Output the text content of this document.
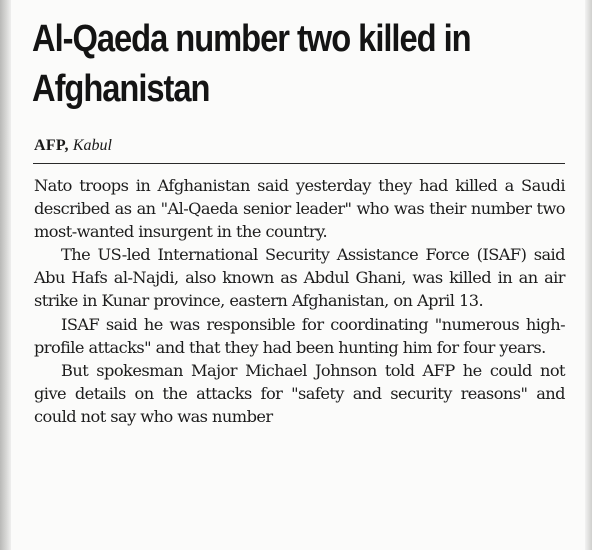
Al-Qaeda number two killed in Afghanistan
AFP, Kabul

Nato troops in Afghanistan said yesterday they had killed a Saudi described as an "Al-Qaeda senior leader" who was their number two most-wanted insurgent in the country.

The US-led International Security Assistance Force (ISAF) said Abu Hafs al-Najdi, also known as Abdul Ghani, was killed in an air strike in Kunar province, eastern Afghanistan, on April 13.

ISAF said he was responsible for coordinating "numerous high-profile attacks" and that they had been hunting him for four years.

But spokesman Major Michael Johnson told AFP he could not give details on the attacks for "safety and security reasons" and could not say who was number
